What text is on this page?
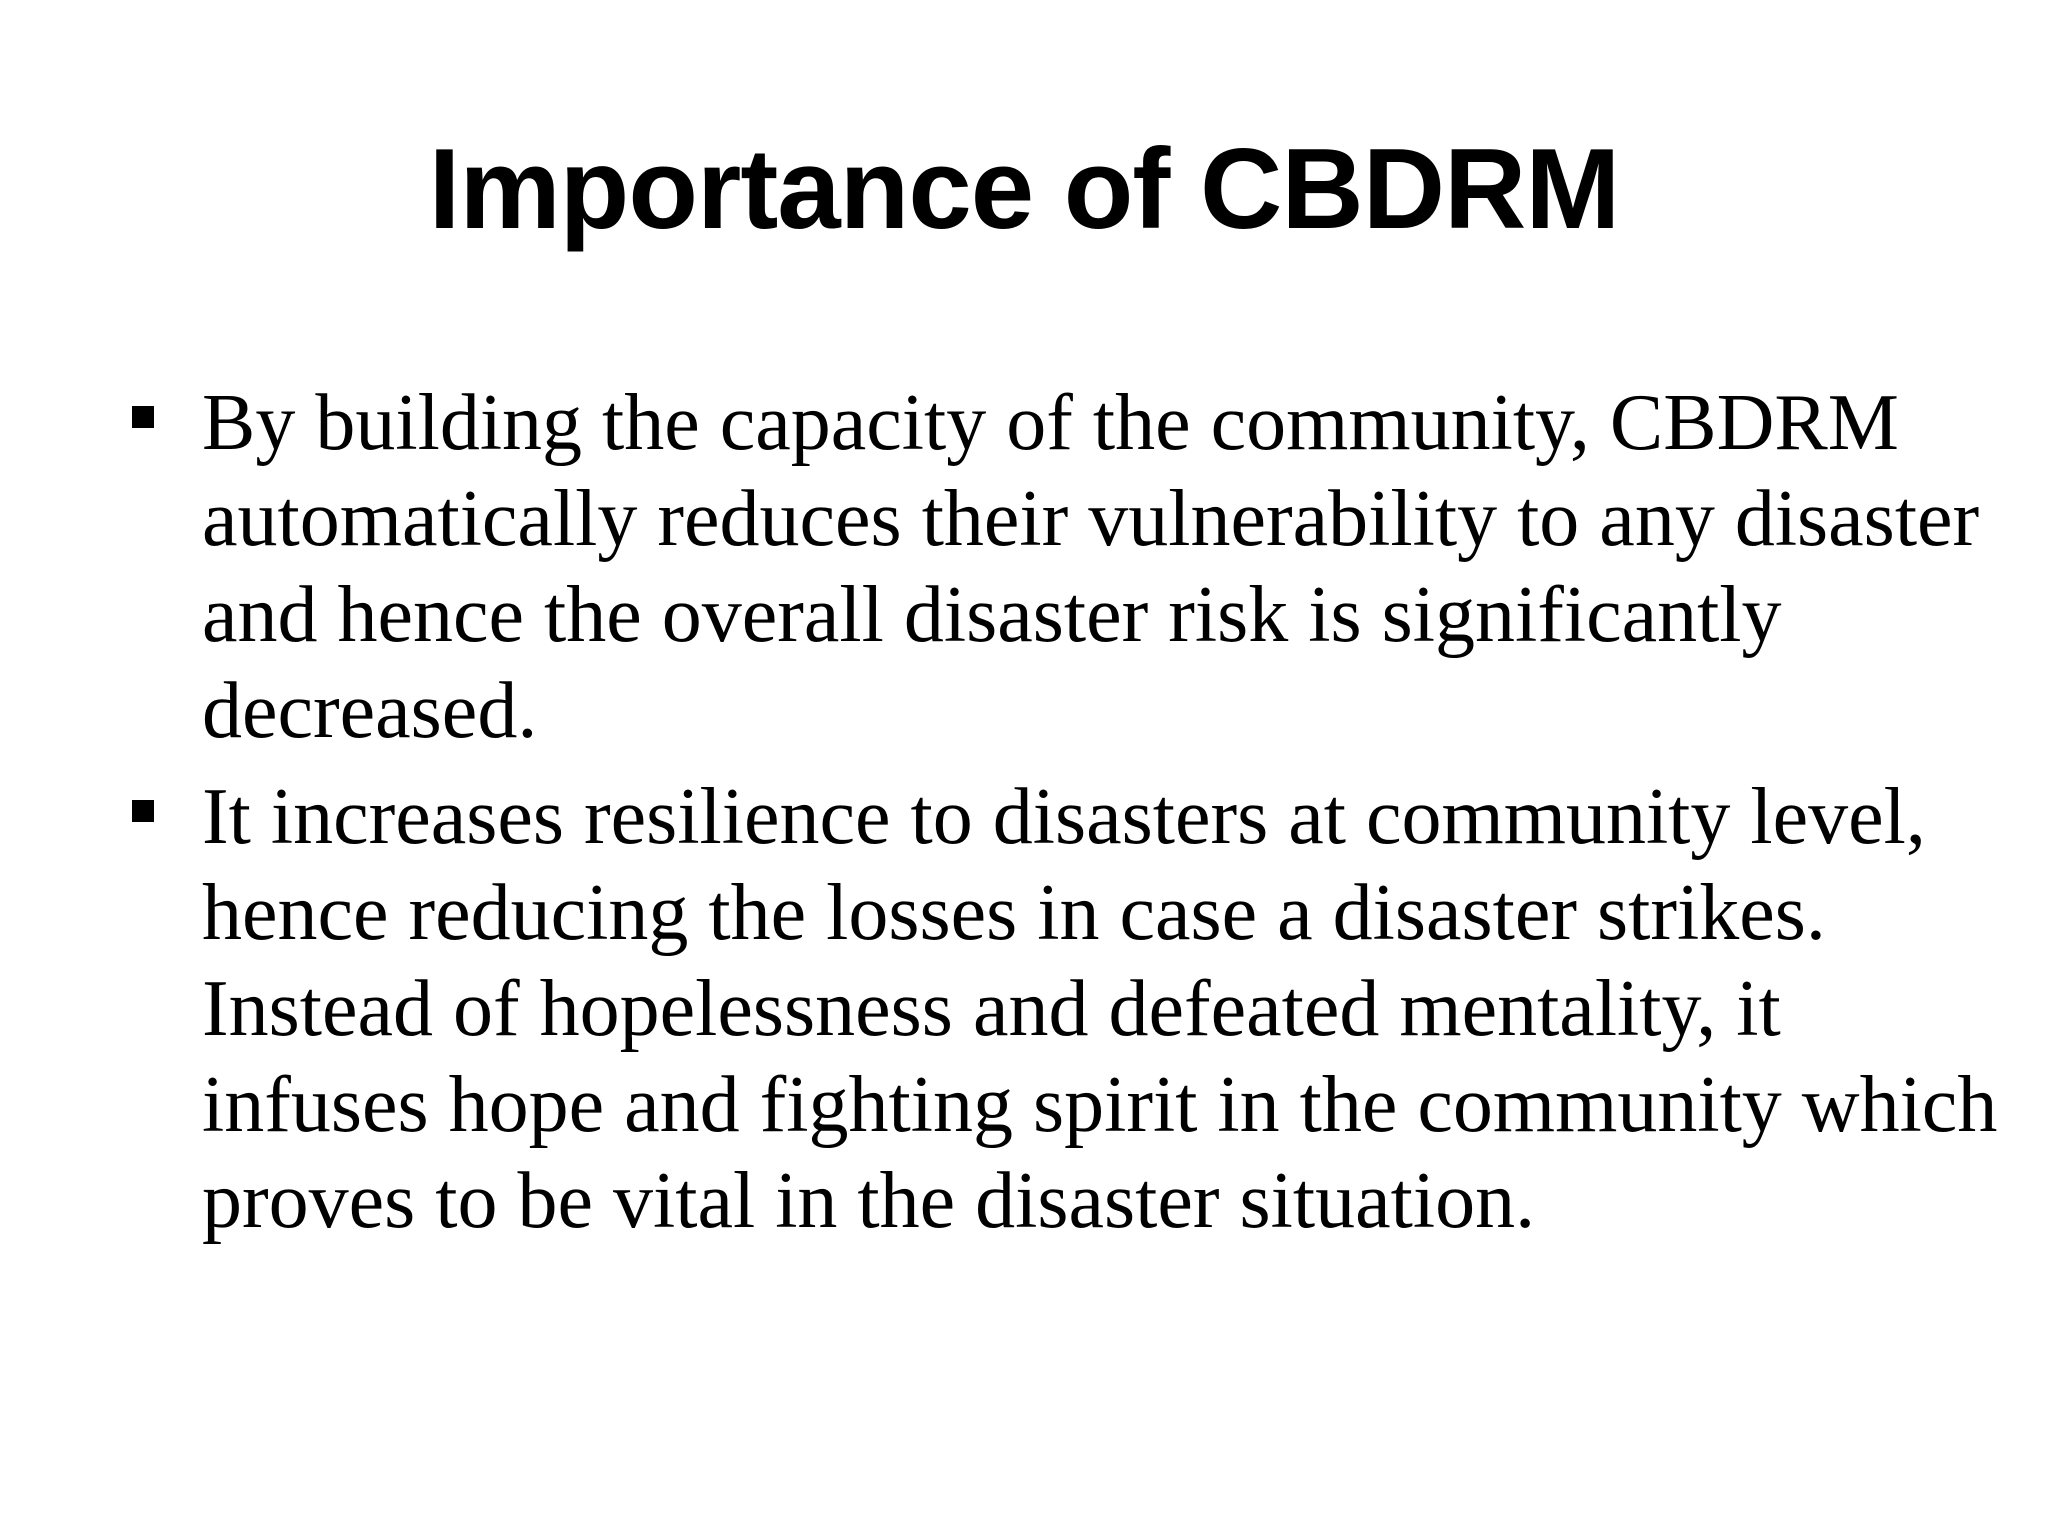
Importance of CBDRM
By building the capacity of the community, CBDRM automatically reduces their vulnerability to any disaster and hence the overall disaster risk is significantly decreased.
It increases resilience to disasters at community level, hence reducing the losses in case a disaster strikes. Instead of hopelessness and defeated mentality, it infuses hope and fighting spirit in the community which proves to be vital in the disaster situation.
